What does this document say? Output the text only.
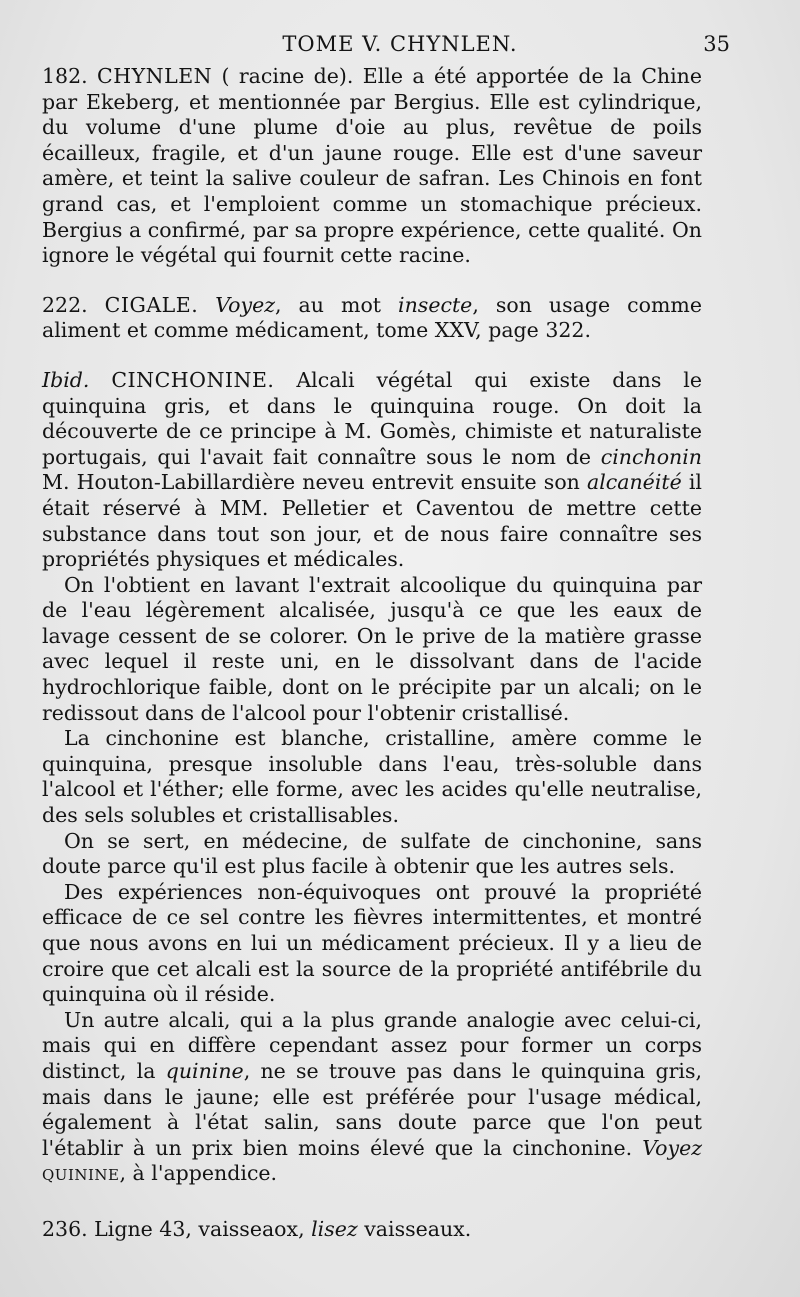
TOME V. CHYNLEN.	35

182. CHYNLEN ( racine de). Elle a été apportée de la Chine par Ekeberg, et mentionnée par Bergius. Elle est cylindrique, du volume d'une plume d'oie au plus, revêtue de poils écailleux, fragile, et d'un jaune rouge. Elle est d'une saveur amère, et teint la salive couleur de safran. Les Chinois en font grand cas, et l'emploient comme un stomachique précieux. Bergius a confirmé, par sa propre expérience, cette qualité. On ignore le végétal qui fournit cette racine.

222. CIGALE. Voyez, au mot insecte, son usage comme aliment et comme médicament, tome XXV, page 322.

Ibid. CINCHONINE. Alcali végétal qui existe dans le quinquina gris, et dans le quinquina rouge. On doit la découverte de ce principe à M. Gomès, chimiste et naturaliste portugais, qui l'avait fait connaître sous le nom de cinchonin M. Houton-Labillardière neveu entrevit ensuite son alcanéité il était réservé à MM. Pelletier et Caventou de mettre cette substance dans tout son jour, et de nous faire connaître ses propriétés physiques et médicales.

On l'obtient en lavant l'extrait alcoolique du quinquina par de l'eau légèrement alcalisée, jusqu'à ce que les eaux de lavage cessent de se colorer. On le prive de la matière grasse avec lequel il reste uni, en le dissolvant dans de l'acide hydrochlorique faible, dont on le précipite par un alcali; on le redissout dans de l'alcool pour l'obtenir cristallisé.

La cinchonine est blanche, cristalline, amère comme le quinquina, presque insoluble dans l'eau, très-soluble dans l'alcool et l'éther; elle forme, avec les acides qu'elle neutralise, des sels solubles et cristallisables.

On se sert, en médecine, de sulfate de cinchonine, sans doute parce qu'il est plus facile à obtenir que les autres sels.

Des expériences non-équivoques ont prouvé la propriété efficace de ce sel contre les fièvres intermittentes, et montré que nous avons en lui un médicament précieux. Il y a lieu de croire que cet alcali est la source de la propriété antifébrile du quinquina où il réside.

Un autre alcali, qui a la plus grande analogie avec celui-ci, mais qui en diffère cependant assez pour former un corps distinct, la quinine, ne se trouve pas dans le quinquina gris, mais dans le jaune; elle est préférée pour l'usage médical, également à l'état salin, sans doute parce que l'on peut l'établir à un prix bien moins élevé que la cinchonine. Voyez QUININE, à l'appendice.

236. Ligne 43, vaisseaox, lisez vaisseaux.
